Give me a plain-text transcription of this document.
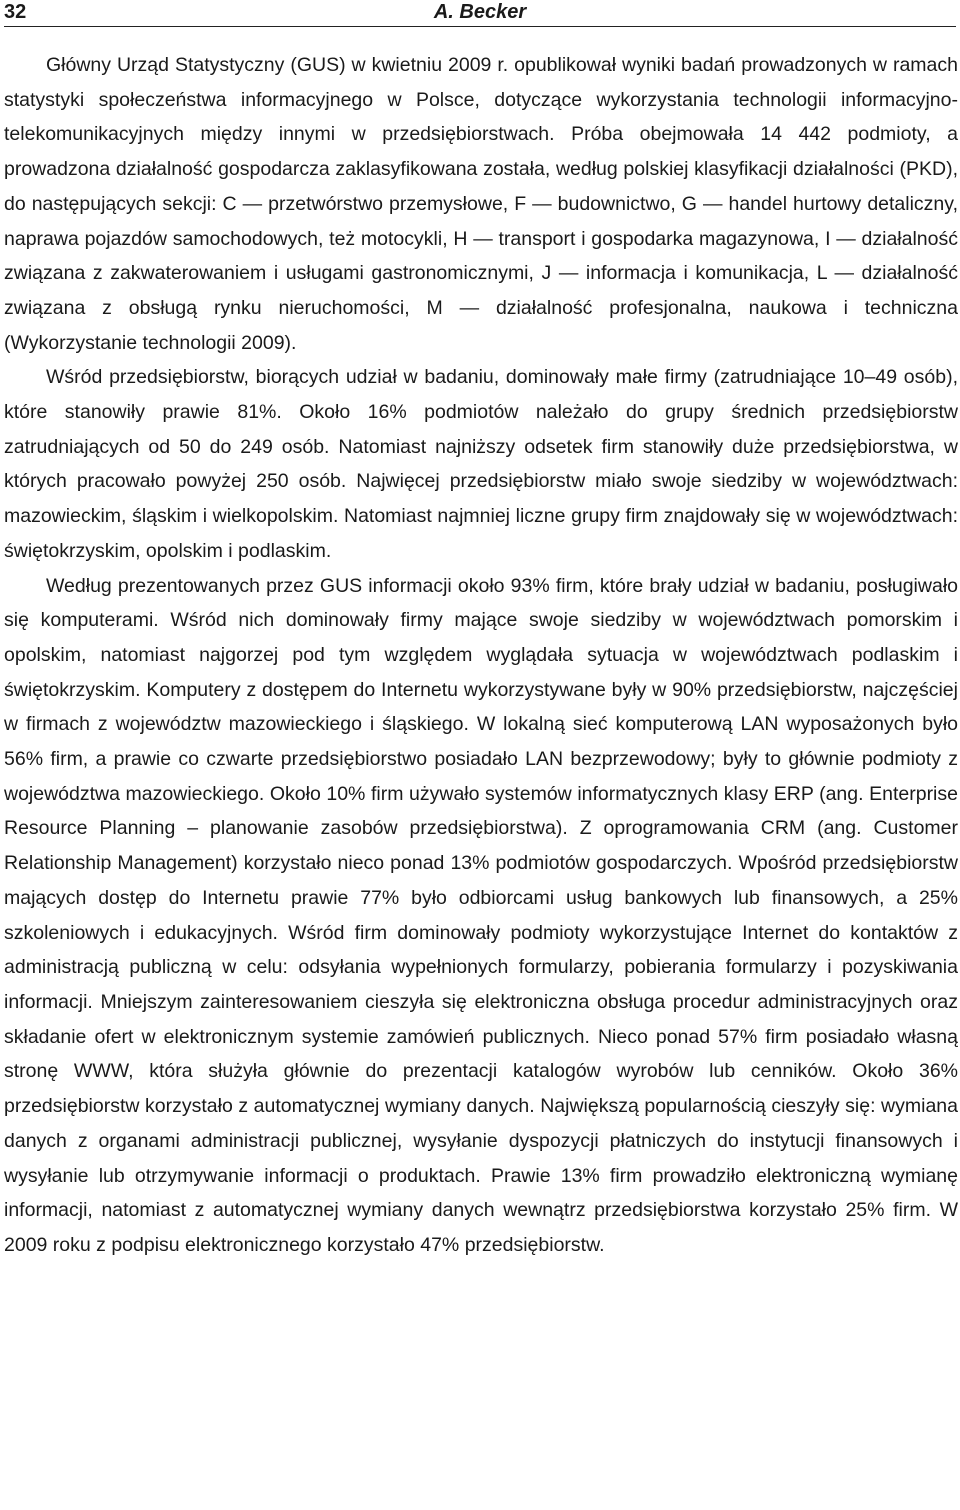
32	A. Becker

Główny Urząd Statystyczny (GUS) w kwietniu 2009 r. opublikował wyniki badań prowadzonych w ramach statystyki społeczeństwa informacyjnego w Polsce, dotyczące wykorzystania technologii informacyjno-telekomunikacyjnych między innymi w przedsiębiorstwach. Próba obejmowała 14 442 podmioty, a prowadzona działalność gospodarcza zaklasyfikowana została, według polskiej klasyfikacji działalności (PKD), do następujących sekcji: C — przetwórstwo przemysłowe, F — budownictwo, G — handel hurtowy detaliczny, naprawa pojazdów samochodowych, też motocykli, H — transport i gospodarka magazynowa, I — działalność związana z zakwaterowaniem i usługami gastronomicznymi, J — informacja i komunikacja, L — działalność związana z obsługą rynku nieruchomości, M — działalność profesjonalna, naukowa i techniczna (Wykorzystanie technologii 2009).

Wśród przedsiębiorstw, biorących udział w badaniu, dominowały małe firmy (zatrudniające 10–49 osób), które stanowiły prawie 81%. Około 16% podmiotów należało do grupy średnich przedsiębiorstw zatrudniających od 50 do 249 osób. Natomiast najniższy odsetek firm stanowiły duże przedsiębiorstwa, w których pracowało powyżej 250 osób. Najwięcej przedsiębiorstw miało swoje siedziby w województwach: mazowieckim, śląskim i wielkopolskim. Natomiast najmniej liczne grupy firm znajdowały się w województwach: świętokrzyskim, opolskim i podlaskim.

Według prezentowanych przez GUS informacji około 93% firm, które brały udział w badaniu, posługiwało się komputerami. Wśród nich dominowały firmy mające swoje siedziby w województwach pomorskim i opolskim, natomiast najgorzej pod tym względem wyglądała sytuacja w województwach podlaskim i świętokrzyskim. Komputery z dostępem do Internetu wykorzystywane były w 90% przedsiębiorstw, najczęściej w firmach z województw mazowieckiego i śląskiego. W lokalną sieć komputerową LAN wyposażonych było 56% firm, a prawie co czwarte przedsiębiorstwo posiadało LAN bezprzewodowy; były to głównie podmioty z województwa mazowieckiego. Około 10% firm używało systemów informatycznych klasy ERP (ang. Enterprise Resource Planning – planowanie zasobów przedsiębiorstwa). Z oprogramowania CRM (ang. Customer Relationship Management) korzystało nieco ponad 13% podmiotów gospodarczych. Wpośród przedsiębiorstw mających dostęp do Internetu prawie 77% było odbiorcami usług bankowych lub finansowych, a 25% szkoleniowych i edukacyjnych. Wśród firm dominowały podmioty wykorzystujące Internet do kontaktów z administracją publiczną w celu: odsyłania wypełnionych formularzy, pobierania formularzy i pozyskiwania informacji. Mniejszym zainteresowaniem cieszyła się elektroniczna obsługa procedur administracyjnych oraz składanie ofert w elektronicznym systemie zamówień publicznych. Nieco ponad 57% firm posiadało własną stronę WWW, która służyła głównie do prezentacji katalogów wyrobów lub cenników. Około 36% przedsiębiorstw korzystało z automatycznej wymiany danych. Największą popularnością cieszyły się: wymiana danych z organami administracji publicznej, wysyłanie dyspozycji płatniczych do instytucji finansowych i wysyłanie lub otrzymywanie informacji o produktach. Prawie 13% firm prowadziło elektroniczną wymianę informacji, natomiast z automatycznej wymiany danych wewnątrz przedsiębiorstwa korzystało 25% firm. W 2009 roku z podpisu elektronicznego korzystało 47% przedsiębiorstw.
